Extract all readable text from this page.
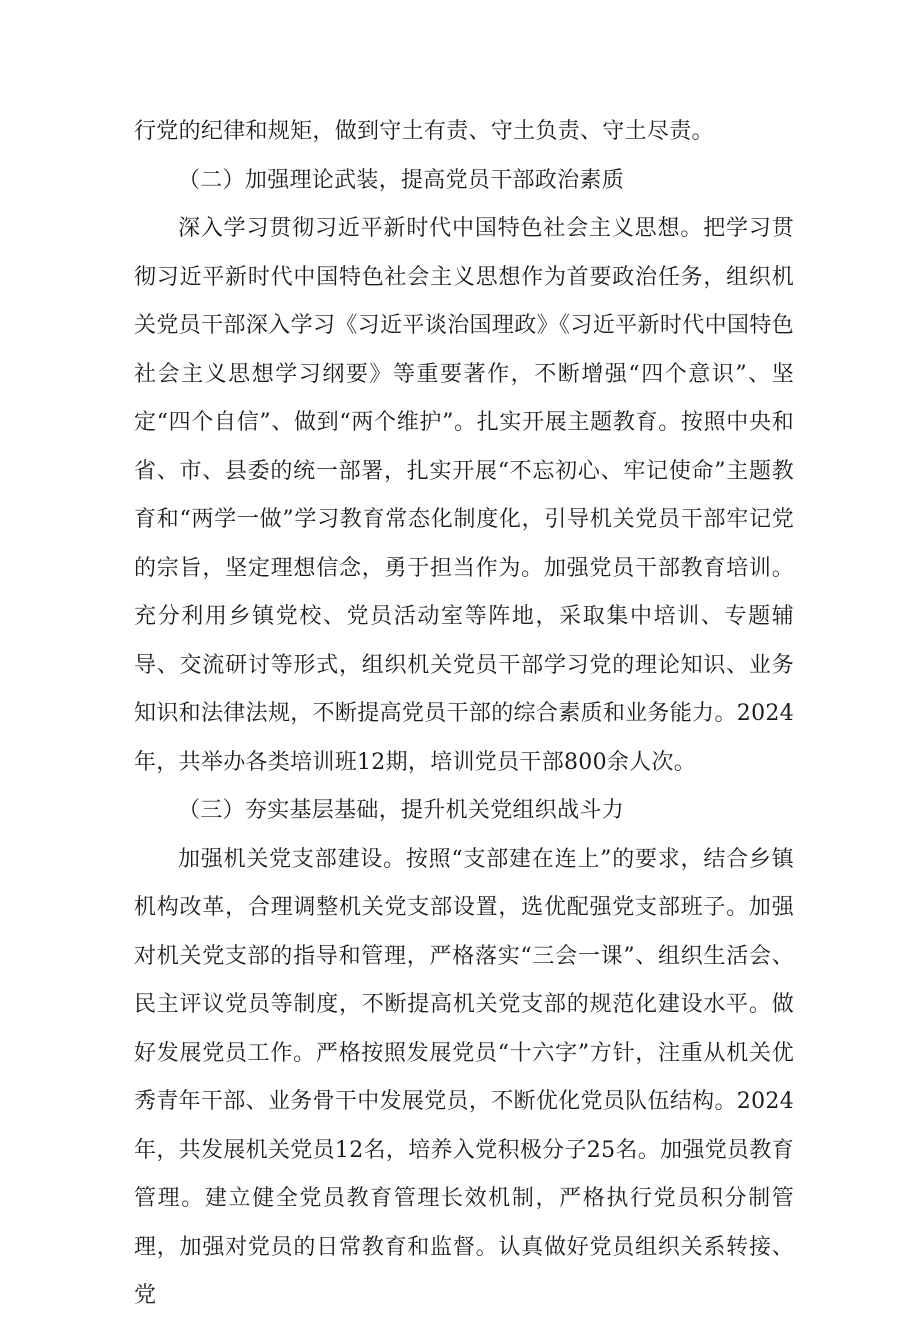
行党的纪律和规矩，做到守土有责、守土负责、守土尽责。

（二）加强理论武装，提高党员干部政治素质

深入学习贯彻习近平新时代中国特色社会主义思想。把学习贯彻习近平新时代中国特色社会主义思想作为首要政治任务，组织机关党员干部深入学习《习近平谈治国理政》《习近平新时代中国特色社会主义思想学习纲要》等重要著作，不断增强“四个意识”、坚定“四个自信”、做到“两个维护”。扎实开展主题教育。按照中央和省、市、县委的统一部署，扎实开展“不忘初心、牢记使命”主题教育和“两学一做”学习教育常态化制度化，引导机关党员干部牢记党的宗旨，坚定理想信念，勇于担当作为。加强党员干部教育培训。充分利用乡镇党校、党员活动室等阵地，采取集中培训、专题辅导、交流研讨等形式，组织机关党员干部学习党的理论知识、业务知识和法律法规，不断提高党员干部的综合素质和业务能力。2024年，共举办各类培训班12期，培训党员干部800余人次。

（三）夯实基层基础，提升机关党组织战斗力

加强机关党支部建设。按照“支部建在连上”的要求，结合乡镇机构改革，合理调整机关党支部设置，选优配强党支部班子。加强对机关党支部的指导和管理，严格落实“三会一课”、组织生活会、民主评议党员等制度，不断提高机关党支部的规范化建设水平。做好发展党员工作。严格按照发展党员“十六字”方针，注重从机关优秀青年干部、业务骨干中发展党员，不断优化党员队伍结构。2024年，共发展机关党员12名，培养入党积极分子25名。加强党员教育管理。建立健全党员教育管理长效机制，严格执行党员积分制管理，加强对党员的日常教育和监督。认真做好党员组织关系转接、党
